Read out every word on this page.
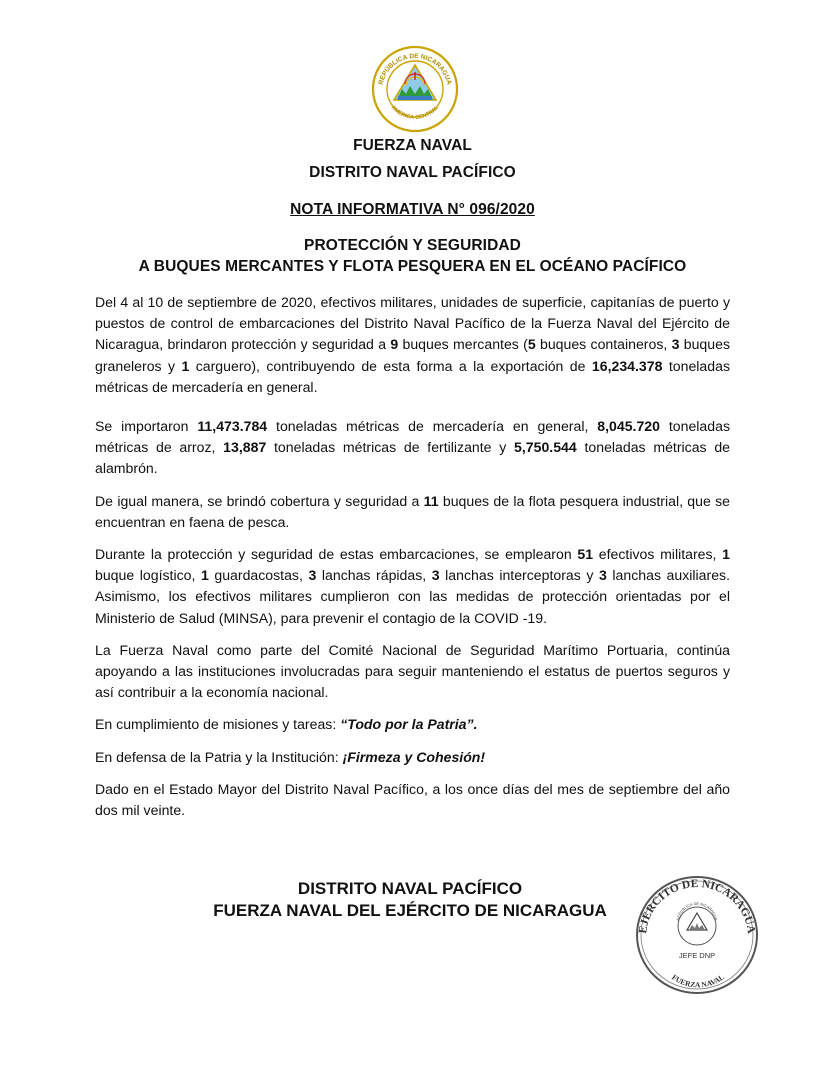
REPÚBLICA DE NICARAGUA
AMERICA CENTRAL
FUERZA NAVAL
DISTRITO NAVAL PACÍFICO
NOTA INFORMATIVA N° 096/2020
PROTECCIÓN Y SEGURIDAD
A BUQUES MERCANTES Y FLOTA PESQUERA EN EL OCÉANO PACÍFICO

Del 4 al 10 de septiembre de 2020, efectivos militares, unidades de superficie, capitanías de puerto y puestos de control de embarcaciones del Distrito Naval Pacífico de la Fuerza Naval del Ejército de Nicaragua, brindaron protección y seguridad a 9 buques mercantes (5 buques containeros, 3 buques graneleros y 1 carguero), contribuyendo de esta forma a la exportación de 16,234.378 toneladas métricas de mercadería en general.

Se importaron 11,473.784 toneladas métricas de mercadería en general, 8,045.720 toneladas métricas de arroz, 13,887 toneladas métricas de fertilizante y 5,750.544 toneladas métricas de alambrón.

De igual manera, se brindó cobertura y seguridad a 11 buques de la flota pesquera industrial, que se encuentran en faena de pesca.

Durante la protección y seguridad de estas embarcaciones, se emplearon 51 efectivos militares, 1 buque logístico, 1 guardacostas, 3 lanchas rápidas, 3 lanchas interceptoras y 3 lanchas auxiliares. Asimismo, los efectivos militares cumplieron con las medidas de protección orientadas por el Ministerio de Salud (MINSA), para prevenir el contagio de la COVID -19.

La Fuerza Naval como parte del Comité Nacional de Seguridad Marítimo Portuaria, continúa apoyando a las instituciones involucradas para seguir manteniendo el estatus de puertos seguros y así contribuir a la economía nacional.

En cumplimiento de misiones y tareas: “Todo por la Patria”.

En defensa de la Patria y la Institución: ¡Firmeza y Cohesión!

Dado en el Estado Mayor del Distrito Naval Pacífico, a los once días del mes de septiembre del año dos mil veinte.

DISTRITO NAVAL PACÍFICO
FUERZA NAVAL DEL EJÉRCITO DE NICARAGUA
EJÉRCITO DE NICARAGUA
REPÚBLICA DE NICARAGUA
JEFE DNP
FUERZA NAVAL
